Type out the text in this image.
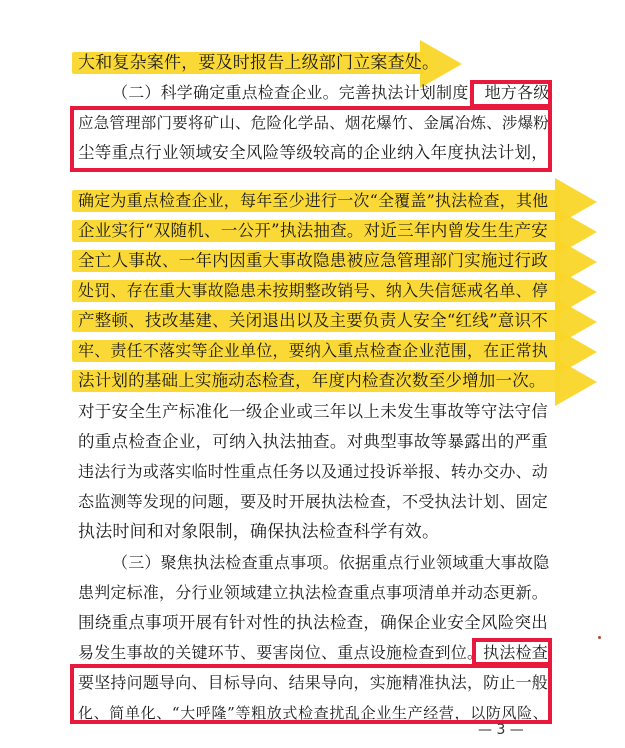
大和复杂案件，要及时报告上级部门立案查处。
（二）科学确定重点检查企业。完善执法计划制度，地方各级
应急管理部门要将矿山、危险化学品、烟花爆竹、金属冶炼、涉爆粉
尘等重点行业领域安全风险等级较高的企业纳入年度执法计划，
确定为重点检查企业，每年至少进行一次“全覆盖”执法检查，其他
企业实行“双随机、一公开”执法抽查。对近三年内曾发生生产安
全亡人事故、一年内因重大事故隐患被应急管理部门实施过行政
处罚、存在重大事故隐患未按期整改销号、纳入失信惩戒名单、停
产整顿、技改基建、关闭退出以及主要负责人安全“红线”意识不
牢、责任不落实等企业单位，要纳入重点检查企业范围，在正常执
法计划的基础上实施动态检查，年度内检查次数至少增加一次。
对于安全生产标准化一级企业或三年以上未发生事故等守法守信
的重点检查企业，可纳入执法抽查。对典型事故等暴露出的严重
违法行为或落实临时性重点任务以及通过投诉举报、转办交办、动
态监测等发现的问题，要及时开展执法检查，不受执法计划、固定
执法时间和对象限制，确保执法检查科学有效。
（三）聚焦执法检查重点事项。依据重点行业领域重大事故隐
患判定标准，分行业领域建立执法检查重点事项清单并动态更新。
围绕重点事项开展有针对性的执法检查，确保企业安全风险突出
易发生事故的关键环节、要害岗位、重点设施检查到位。执法检查
要坚持问题导向、目标导向、结果导向，实施精准执法，防止一般
化、简单化、“大呼隆”等粗放式检查扰乱企业生产经营，以防风险、
— 3 —
